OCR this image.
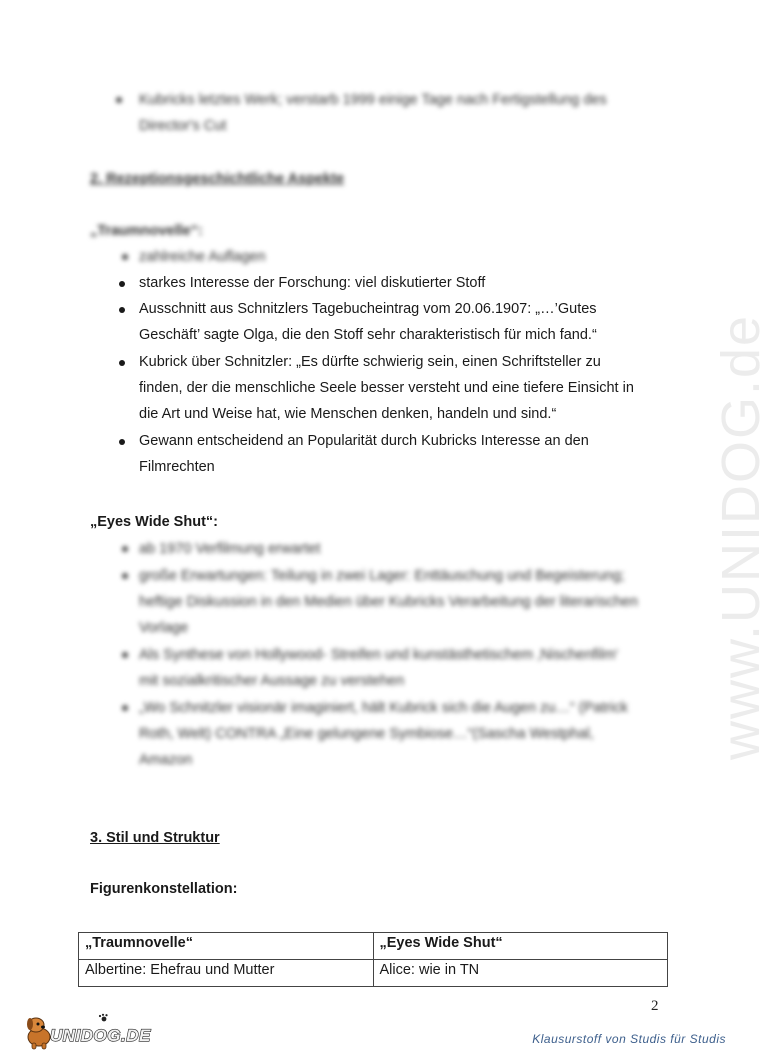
www.UNIDOG.de
Kubricks letztes Werk; verstarb 1999 einige Tage nach Fertigstellung des
Director's Cut
2. Rezeptionsgeschichtliche Aspekte
„Traumnovelle“:
zahlreiche Auflagen
starkes Interesse der Forschung: viel diskutierter Stoff
Ausschnitt aus Schnitzlers Tagebucheintrag vom 20.06.1907: „…’Gutes
Geschäft’ sagte Olga, die den Stoff sehr charakteristisch für mich fand.“
Kubrick über Schnitzler: „Es dürfte schwierig sein, einen Schriftsteller zu
finden, der die menschliche Seele besser versteht und eine tiefere Einsicht in
die Art und Weise hat, wie Menschen denken, handeln und sind.“
Gewann entscheidend an Popularität durch Kubricks Interesse an den
Filmrechten
„Eyes Wide Shut“:
ab 1970 Verfilmung erwartet
große Erwartungen: Teilung in zwei Lager: Enttäuschung und Begeisterung;
heftige Diskussion in den Medien über Kubricks Verarbeitung der literarischen
Vorlage
Als Synthese von Hollywood- Streifen und kunstästhetischem ‚Nischenfilm‘
mit sozialkritischer Aussage zu verstehen
„Wo Schnitzler visionär imaginiert, hält Kubrick sich die Augen zu…“ (Patrick
Roth, Welt) CONTRA „Eine gelungene Symbiose…“(Sascha Westphal,
Amazon
3. Stil und Struktur
Figurenkonstellation:
„Traumnovelle“	„Eyes Wide Shut“
Albertine: Ehefrau und Mutter	Alice: wie in TN
2
UNIDOG.DE	Klausurstoff von Studis für Studis
